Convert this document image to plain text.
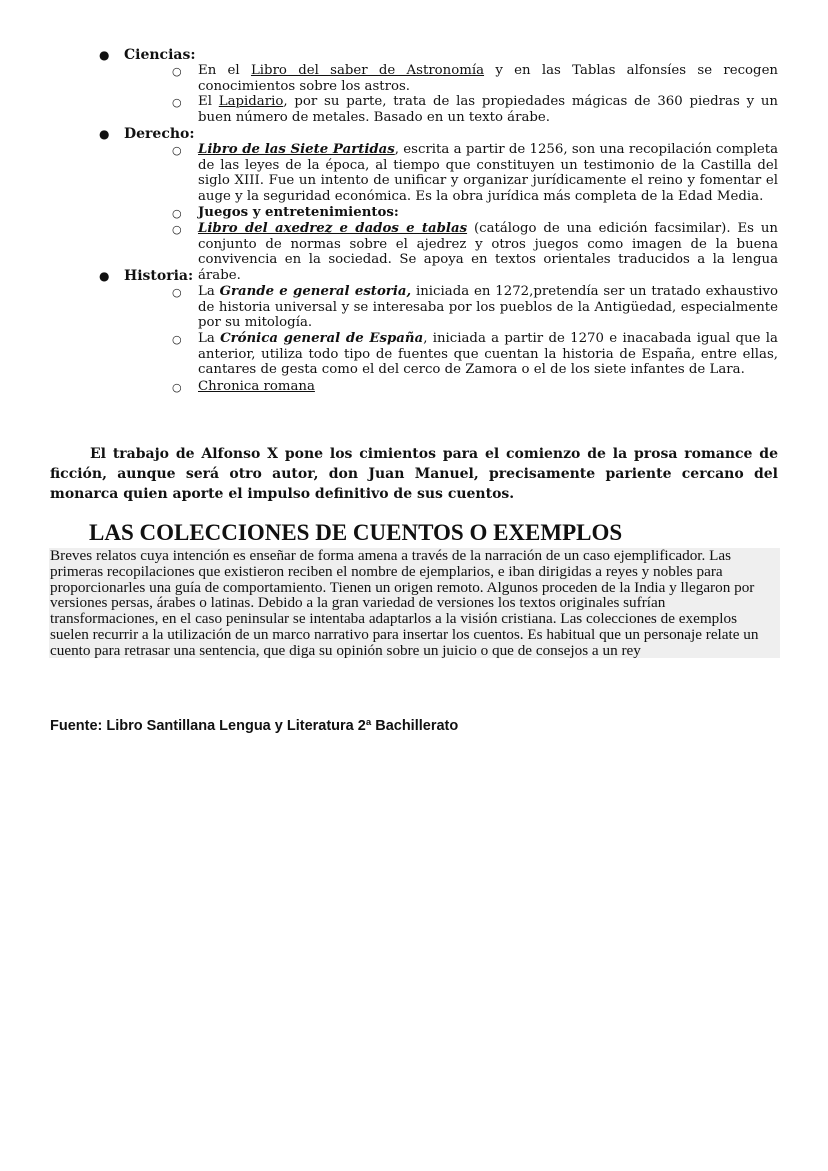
● Ciencias:
○ En el Libro del saber de Astronomía y en las Tablas alfonsíes se recogen conocimientos sobre los astros.
○ El Lapidario, por su parte, trata de las propiedades mágicas de 360 piedras y un buen número de metales. Basado en un texto árabe.
● Derecho:
○ Libro de las Siete Partidas, escrita a partir de 1256, son una recopilación completa de las leyes de la época, al tiempo que constituyen un testimonio de la Castilla del siglo XIII. Fue un intento de unificar y organizar jurídicamente el reino y fomentar el auge y la seguridad económica. Es la obra jurídica más completa de la Edad Media.
○ Juegos y entretenimientos:
○ Libro del axedrez e dados e tablas (catálogo de una edición facsimilar). Es un conjunto de normas sobre el ajedrez y otros juegos como imagen de la buena convivencia en la sociedad. Se apoya en textos orientales traducidos a la lengua árabe.
● Historia:
○ La Grande e general estoria, iniciada en 1272,pretendía ser un tratado exhaustivo de historia universal y se interesaba por los pueblos de la Antigüedad, especialmente por su mitología.
○ La Crónica general de España, iniciada a partir de 1270 e inacabada igual que la anterior, utiliza todo tipo de fuentes que cuentan la historia de España, entre ellas, cantares de gesta como el del cerco de Zamora o el de los siete infantes de Lara.
○ Chronica romana
El trabajo de Alfonso X pone los cimientos para el comienzo de la prosa romance de ficción, aunque será otro autor, don Juan Manuel, precisamente pariente cercano del monarca quien aporte el impulso definitivo de sus cuentos.
LAS COLECCIONES DE CUENTOS O EXEMPLOS
Breves relatos cuya intención es enseñar de forma amena a través de la narración de un caso ejemplificador. Las
primeras recopilaciones que existieron reciben el nombre de ejemplarios, e iban dirigidas a reyes y nobles para
proporcionarles una guía de comportamiento. Tienen un origen remoto. Algunos proceden de la India y llegaron por
versiones persas, árabes o latinas. Debido a la gran variedad de versiones los textos originales sufrían
transformaciones, en el caso peninsular se intentaba adaptarlos a la visión cristiana. Las colecciones de exemplos
suelen recurrir a la utilización de un marco narrativo para insertar los cuentos. Es habitual que un personaje relate un
cuento para retrasar una sentencia, que diga su opinión sobre un juicio o que de consejos a un rey
Fuente: Libro Santillana Lengua y Literatura 2ª Bachillerato
